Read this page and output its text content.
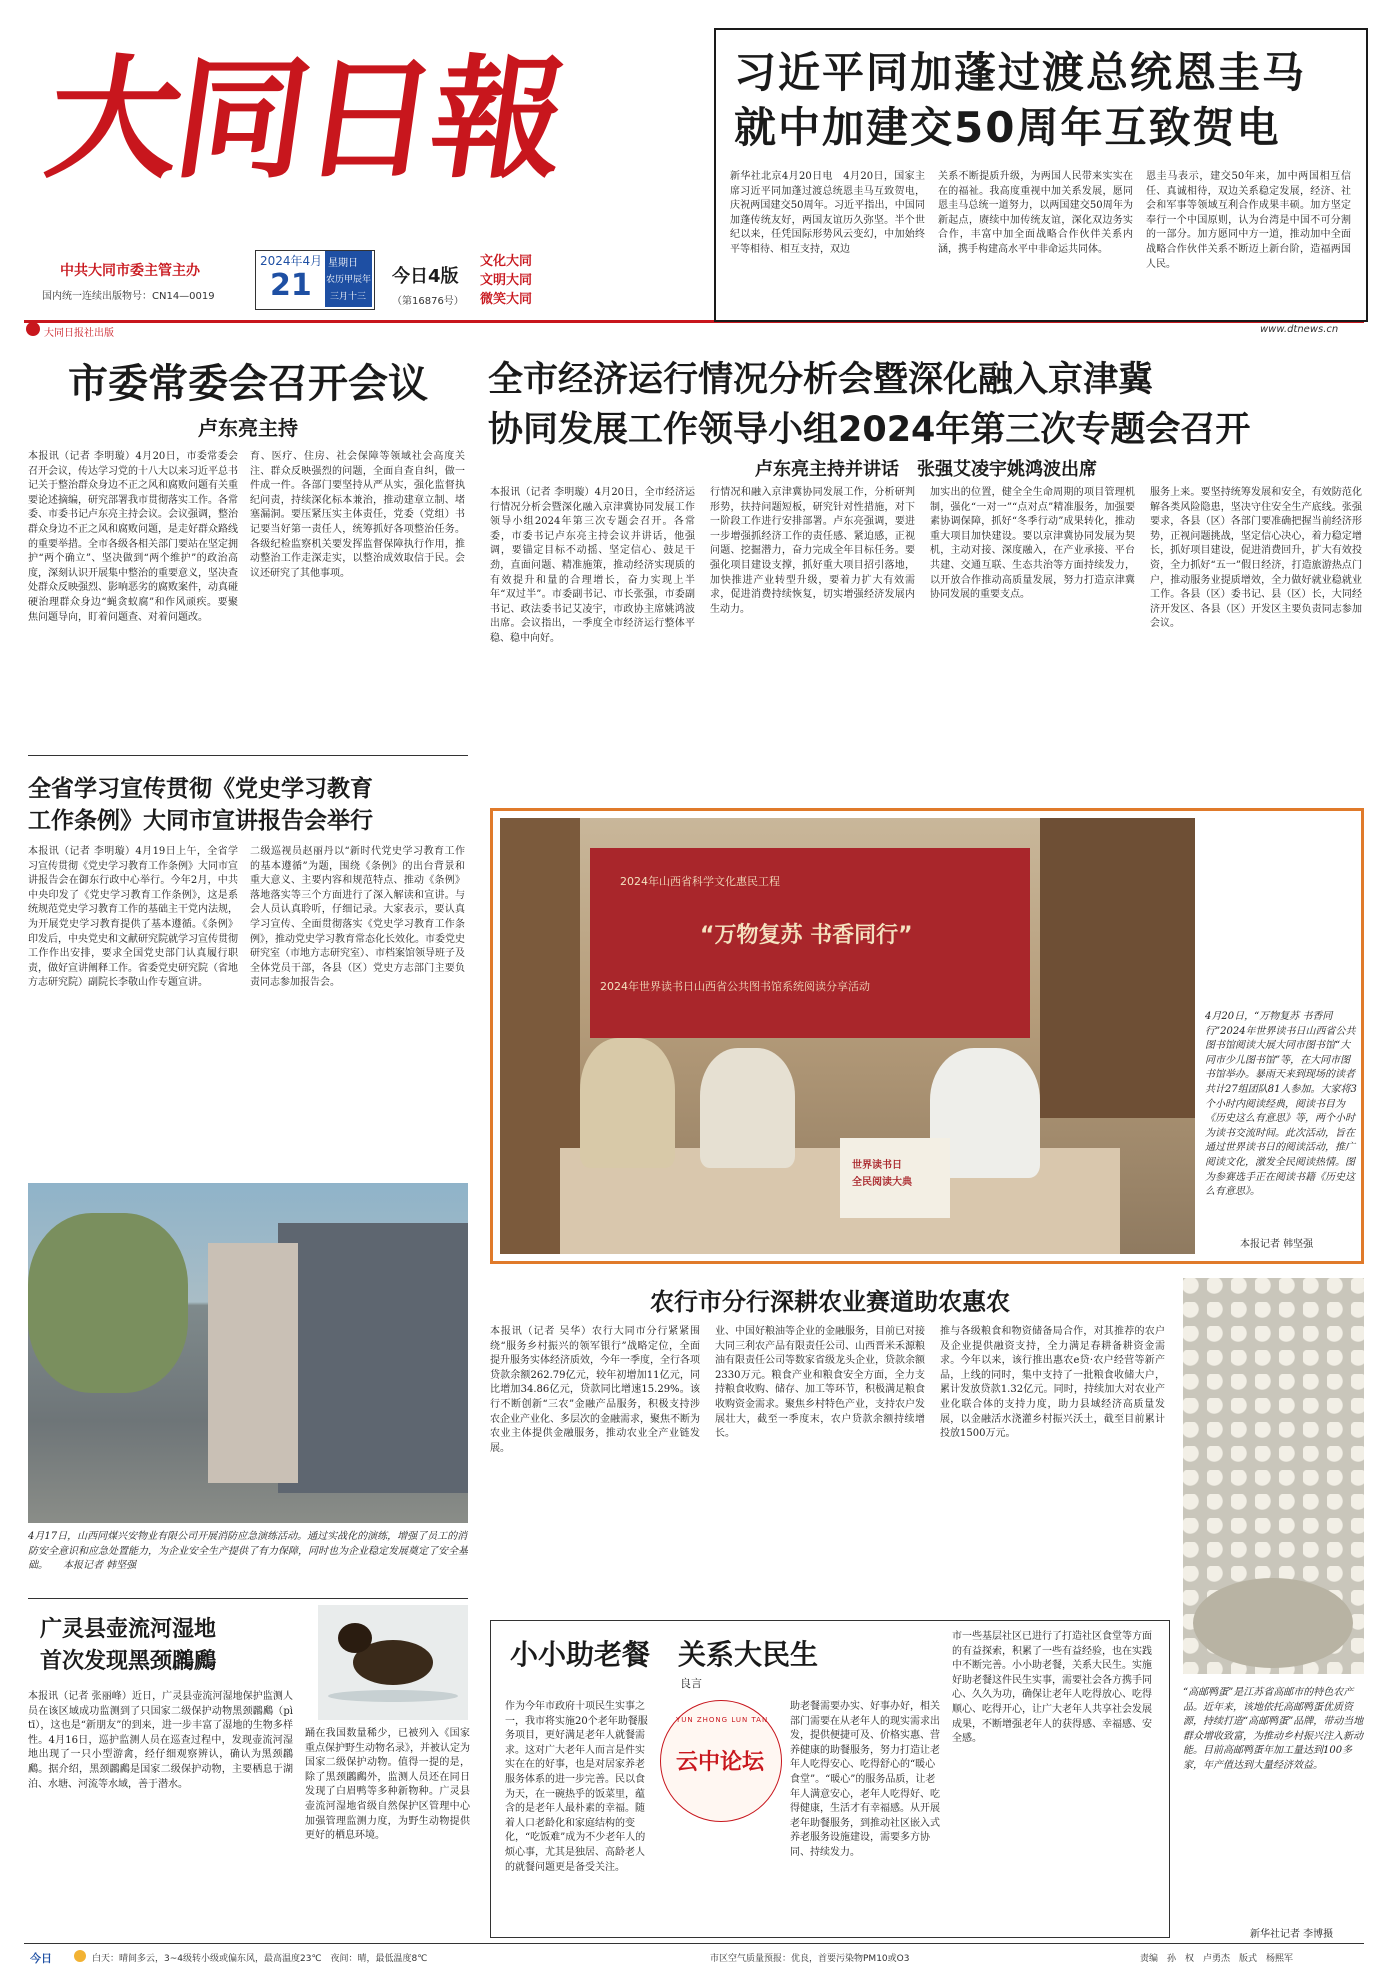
大同日報
中共大同市委主管主办
国内统一连续出版物号：CN14—0019
2024年4月
21
星期日
农历甲辰年
三月十三
今日4版
（第16876号）
文化大同
文明大同
微笑大同
大同日报社出版	www.dtnews.cn
习近平同加蓬过渡总统恩圭马
就中加建交50周年互致贺电
新华社北京4月20日电　4月20日，国家主席习近平同加蓬过渡总统恩圭马互致贺电，庆祝两国建交50周年。习近平指出，中国同加蓬传统友好，两国友谊历久弥坚。半个世纪以来，任凭国际形势风云变幻，中加始终平等相待、相互支持，双边
关系不断提质升级，为两国人民带来实实在在的福祉。我高度重视中加关系发展，愿同恩圭马总统一道努力，以两国建交50周年为新起点，赓续中加传统友谊，深化双边务实合作，丰富中加全面战略合作伙伴关系内涵，携手构建高水平中非命运共同体。
恩圭马表示，建交50年来，加中两国相互信任、真诚相待，双边关系稳定发展，经济、社会和军事等领域互利合作成果丰硕。加方坚定奉行一个中国原则，认为台湾是中国不可分割的一部分。加方愿同中方一道，推动加中全面战略合作伙伴关系不断迈上新台阶，造福两国人民。
市委常委会召开会议
卢东亮主持
本报讯（记者 李明璇）4月20日，市委常委会召开会议，传达学习党的十八大以来习近平总书记关于整治群众身边不正之风和腐败问题有关重要论述摘编，研究部署我市贯彻落实工作。各常委、市委书记卢东亮主持会议。会议强调，整治群众身边不正之风和腐败问题，是走好群众路线的重要举措。全市各级各相关部门要站在坚定拥护“两个确立”、坚决做到“两个维护”的政治高度，深刻认识开展集中整治的重要意义，坚决查处群众反映强烈、影响恶劣的腐败案件，动真碰硬治理群众身边“蝇贪蚁腐”和作风顽疾。要聚焦问题导向，盯着问题查、对着问题改。
育、医疗、住房、社会保障等领域社会高度关注、群众反映强烈的问题，全面自查自纠，做一件成一件。各部门要坚持从严从实，强化监督执纪问责，持续深化标本兼治，推动建章立制、堵塞漏洞。要压紧压实主体责任，党委（党组）书记要当好第一责任人，统筹抓好各项整治任务。各级纪检监察机关要发挥监督保障执行作用，推动整治工作走深走实，以整治成效取信于民。会议还研究了其他事项。
全省学习宣传贯彻《党史学习教育
工作条例》大同市宣讲报告会举行
本报讯（记者 李明璇）4月19日上午，全省学习宣传贯彻《党史学习教育工作条例》大同市宣讲报告会在御东行政中心举行。今年2月，中共中央印发了《党史学习教育工作条例》，这是系统规范党史学习教育工作的基础主干党内法规，为开展党史学习教育提供了基本遵循。《条例》印发后，中央党史和文献研究院就学习宣传贯彻工作作出安排，要求全国党史部门认真履行职责，做好宣讲阐释工作。省委党史研究院（省地方志研究院）副院长李敬山作专题宣讲。
二级巡视员赵丽丹以“新时代党史学习教育工作的基本遵循”为题，围绕《条例》的出台背景和重大意义、主要内容和规范特点、推动《条例》落地落实等三个方面进行了深入解读和宣讲。与会人员认真聆听，仔细记录。大家表示，要认真学习宣传、全面贯彻落实《党史学习教育工作条例》，推动党史学习教育常态化长效化。市委党史研究室（市地方志研究室）、市档案馆领导班子及全体党员干部，各县（区）党史方志部门主要负责同志参加报告会。
4月17日，山西同煤兴安物业有限公司开展消防应急演练活动。通过实战化的演练，增强了员工的消防安全意识和应急处置能力，为企业安全生产提供了有力保障，同时也为企业稳定发展奠定了安全基础。　　本报记者 韩坚强
广灵县壶流河湿地
首次发现黑颈鸊鷉
本报讯（记者 张丽峰）近日，广灵县壶流河湿地保护监测人员在该区域成功监测到了只国家二级保护动物黑颈鸊鷉（pì tī），这也是“新朋友”的到来，进一步丰富了湿地的生物多样性。4月16日，巡护监测人员在巡查过程中，发现壶流河湿地出现了一只小型游禽，经仔细观察辨认，确认为黑颈鸊鷉。据介绍，黑颈鸊鷉是国家二级保护动物，主要栖息于湖泊、水塘、河流等水域，善于潜水。
踊在我国数量稀少，已被列入《国家重点保护野生动物名录》，并被认定为国家二级保护动物。值得一提的是，除了黑颈鸊鷉外，监测人员还在同日发现了白眉鸭等多种新物种。广灵县壶流河湿地省级自然保护区管理中心加强管理监测力度，为野生动物提供更好的栖息环境。
全市经济运行情况分析会暨深化融入京津冀
协同发展工作领导小组2024年第三次专题会召开
卢东亮主持并讲话　张强艾凌宇姚鸿波出席
本报讯（记者 李明璇）4月20日，全市经济运行情况分析会暨深化融入京津冀协同发展工作领导小组2024年第三次专题会召开。各常委，市委书记卢东亮主持会议并讲话，他强调，要锚定目标不动摇、坚定信心、鼓足干劲，直面问题、精准施策，推动经济实现质的有效提升和量的合理增长，奋力实现上半年“双过半”。市委副书记、市长张强，市委副书记、政法委书记艾凌宇，市政协主席姚鸿波出席。会议指出，一季度全市经济运行整体平稳、稳中向好。
行情况和融入京津冀协同发展工作，分析研判形势，扶持问题短板，研究针对性措施，对下一阶段工作进行安排部署。卢东亮强调，要进一步增强抓经济工作的责任感、紧迫感，正视问题、挖掘潜力，奋力完成全年目标任务。要强化项目建设支撑，抓好重大项目招引落地，加快推进产业转型升级，要着力扩大有效需求，促进消费持续恢复，切实增强经济发展内生动力。
加实出的位置，健全全生命周期的项目管理机制，强化“一对一”“点对点”精准服务，加强要素协调保障，抓好“冬季行动”成果转化，推动重大项目加快建设。要以京津冀协同发展为契机，主动对接、深度融入，在产业承接、平台共建、交通互联、生态共治等方面持续发力，以开放合作推动高质量发展，努力打造京津冀协同发展的重要支点。
服务上来。要坚持统筹发展和安全，有效防范化解各类风险隐患，坚决守住安全生产底线。张强要求，各县（区）各部门要准确把握当前经济形势，正视问题挑战，坚定信心决心，着力稳定增长，抓好项目建设，促进消费回升，扩大有效投资，全力抓好“五一”假日经济，打造旅游热点门户，推动服务业提质增效，全力做好就业稳就业工作。各县（区）委书记、县（区）长，大同经济开发区、各县（区）开发区主要负责同志参加会议。
2024年山西省科学文化惠民工程
“万物复苏 书香同行”
2024年世界读书日山西省公共图书馆系统阅读分享活动
世界读书日
全民阅读大典
4月20日，“万物复苏 书香同行”2024年世界读书日山西省公共图书馆阅读大展大同市图书馆“大同市少儿图书馆”等，在大同市图书馆举办。暴雨天来到现场的读者共计27组团队81人参加。大家将3个小时内阅读经典，阅读书目为《历史这么有意思》等，两个小时为读书交流时间。此次活动，旨在通过世界读书日的阅读活动，推广阅读文化，激发全民阅读热情。图为参赛选手正在阅读书籍《历史这么有意思》。
本报记者 韩坚强
农行市分行深耕农业赛道助农惠农
本报讯（记者 吴华）农行大同市分行紧紧围绕“服务乡村振兴的领军银行”战略定位，全面提升服务实体经济质效，今年一季度，全行各项贷款余额262.79亿元，较年初增加11亿元，同比增加34.86亿元，贷款同比增速15.29%。该行不断创新“三农”金融产品服务，积极支持涉农企业产业化、多层次的金融需求，聚焦不断为农业主体提供金融服务，推动农业全产业链发展。
业、中国好粮油等企业的金融服务，目前已对接大同三利农产品有限责任公司、山西晋米禾源粮油有限责任公司等数家省级龙头企业，贷款余额2330万元。粮食产业和粮食安全方面，全力支持粮食收购、储存、加工等环节，积极满足粮食收购资金需求。聚焦乡村特色产业，支持农户发展壮大，截至一季度末，农户贷款余额持续增长。
推与各级粮食和物资储备局合作，对其推荐的农户及企业提供融资支持，全力满足春耕备耕资金需求。今年以来，该行推出惠农e贷·农户经营等新产品，上线的同时，集中支持了一批粮食收储大户，累计发放贷款1.32亿元。同时，持续加大对农业产业化联合体的支持力度，助力县域经济高质量发展，以金融活水浇灌乡村振兴沃土，截至目前累计投放1500万元。
“高邮鸭蛋”是江苏省高邮市的特色农产品。近年来，该地依托高邮鸭蛋优质资源，持续打造“高邮鸭蛋”品牌，带动当地群众增收致富，为推动乡村振兴注入新动能。目前高邮鸭蛋年加工量达到100多家，年产值达到大量经济效益。
新华社记者 李博摄
小小助老餐　关系大民生
良言
YUN ZHONG LUN TAN
云中论坛
作为今年市政府十项民生实事之一，我市将实施20个老年助餐服务项目，更好满足老年人就餐需求。这对广大老年人而言是件实实在在的好事，也是对居家养老服务体系的进一步完善。民以食为天，在一碗热乎的饭菜里，蕴含的是老年人最朴素的幸福。随着人口老龄化和家庭结构的变化，“吃饭难”成为不少老年人的烦心事，尤其是独居、高龄老人的就餐问题更是备受关注。
助老餐需要办实、好事办好，相关部门需要在从老年人的现实需求出发，提供便捷可及、价格实惠、营养健康的助餐服务，努力打造让老年人吃得安心、吃得舒心的“暖心食堂”。“暖心”的服务品质，让老年人满意安心，老年人吃得好、吃得健康，生活才有幸福感。从开展老年助餐服务，到推动社区嵌入式养老服务设施建设，需要多方协同、持续发力。
市一些基层社区已进行了打造社区食堂等方面的有益探索，积累了一些有益经验，也在实践中不断完善。小小助老餐，关系大民生。实施好助老餐这件民生实事，需要社会各方携手同心、久久为功，确保让老年人吃得放心、吃得顺心、吃得开心，让广大老年人共享社会发展成果，不断增强老年人的获得感、幸福感、安全感。
今日	白天：晴间多云，3~4级转小级或偏东风，最高温度23℃　夜间：晴，最低温度8℃	市区空气质量预报：优良，首要污染物PM10或O3	责编　孙　权　卢勇杰　版式　杨熙军
